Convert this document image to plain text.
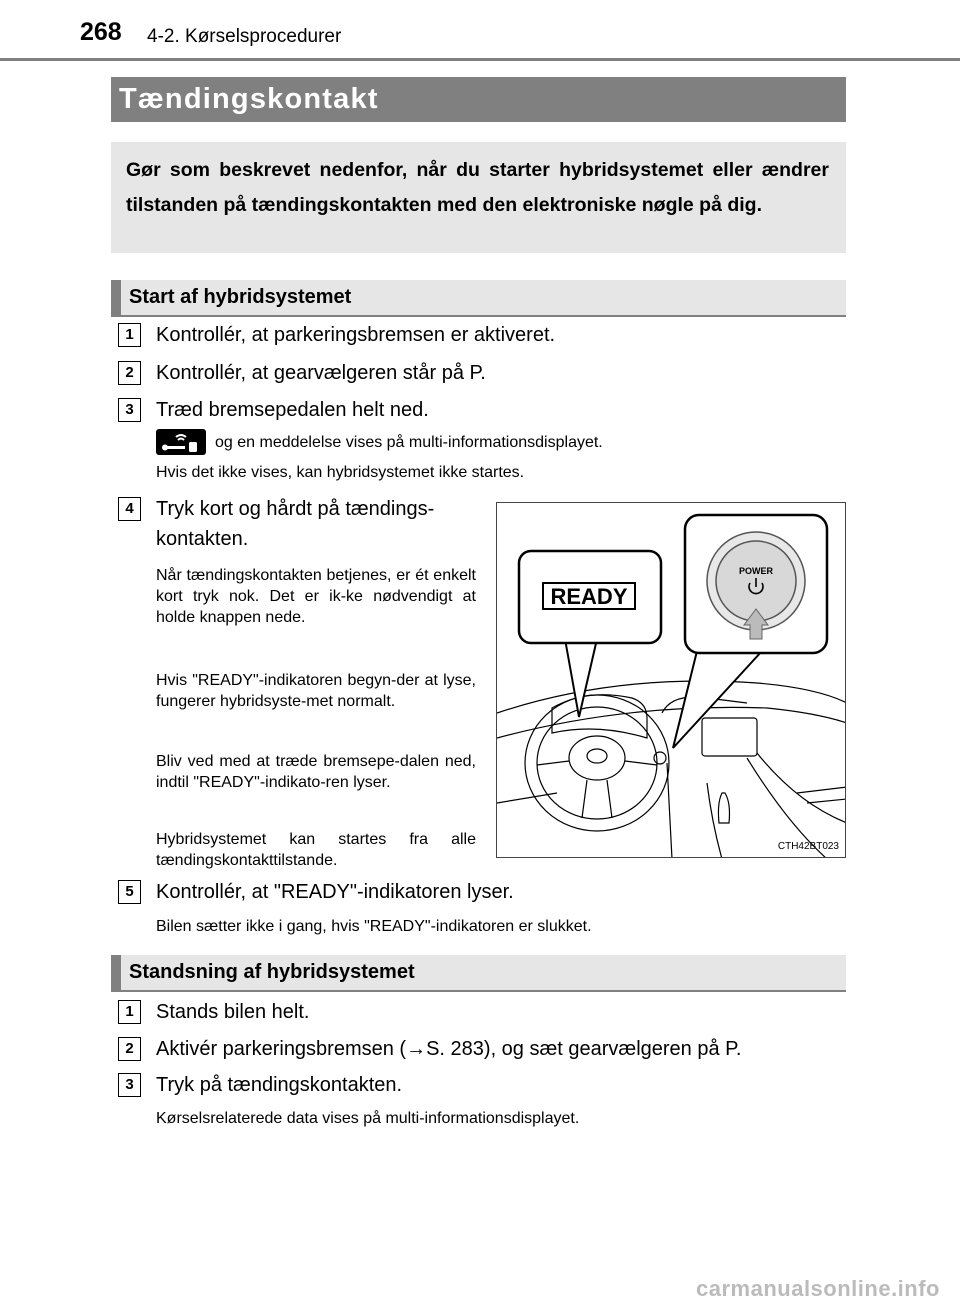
268 4-2. Kørselsprocedurer
Tændingskontakt

Gør som beskrevet nedenfor, når du starter hybridsystemet eller ændrer tilstanden på tændingskontakten med den elektroniske nøgle på dig.

Start af hybridsystemet
1	Kontrollér, at parkeringsbremsen er aktiveret.
2	Kontrollér, at gearvælgeren står på P.
3	Træd bremsepedalen helt ned.
og en meddelelse vises på multi-informationsdisplayet.
Hvis det ikke vises, kan hybridsystemet ikke startes.
4	Tryk kort og hårdt på tændings-
kontakten.
Når tændingskontakten betjenes, er ét enkelt kort tryk nok. Det er ik-ke nødvendigt at holde knappen nede.
Hvis "READY"-indikatoren begyn-der at lyse, fungerer hybridsyste-met normalt.
Bliv ved med at træde bremsepe-dalen ned, indtil "READY"-indikato-ren lyser.
Hybridsystemet kan startes fra alle tændingskontakttilstande.
READY
POWER
CTH42BT023
5	Kontrollér, at "READY"-indikatoren lyser.
Bilen sætter ikke i gang, hvis "READY"-indikatoren er slukket.
Standsning af hybridsystemet
1	Stands bilen helt.
2	Aktivér parkeringsbremsen (→S. 283), og sæt gearvælgeren på P.
3	Tryk på tændingskontakten.
Kørselsrelaterede data vises på multi-informationsdisplayet.
carmanualsonline.info
